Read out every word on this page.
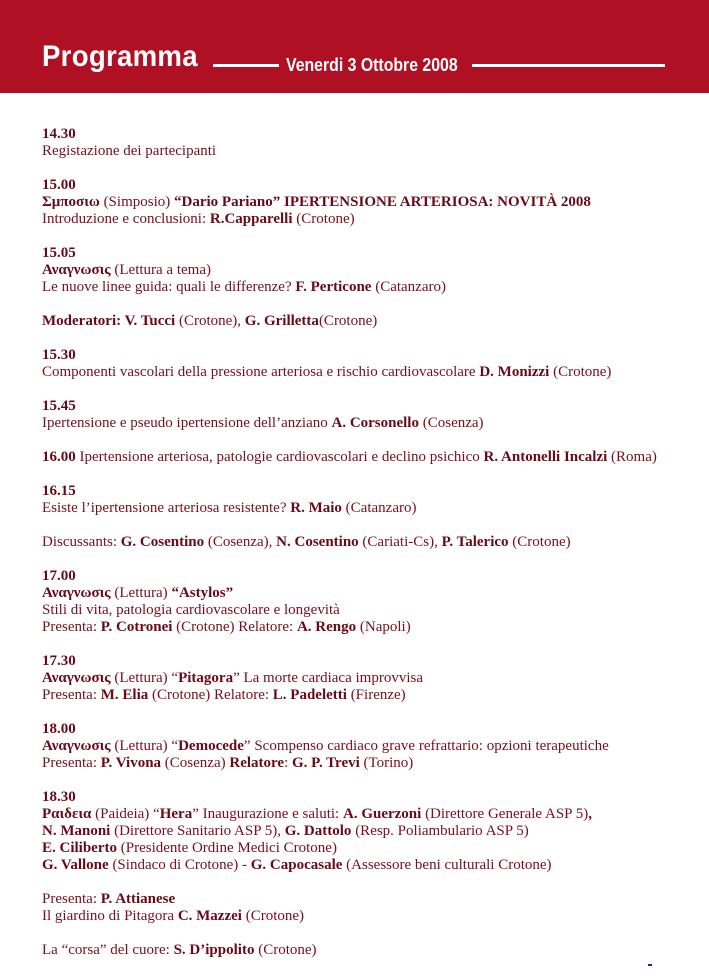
Programma	Venerdi 3 Ottobre 2008
14.30
Registazione dei partecipanti
15.00
Σμποσιω (Simposio) “Dario Pariano” IPERTENSIONE ARTERIOSA: NOVITÀ 2008
Introduzione e conclusioni: R.Capparelli (Crotone)
15.05
Αναγνωσις (Lettura a tema)
Le nuove linee guida: quali le differenze? F. Perticone (Catanzaro)
Moderatori: V. Tucci (Crotone), G. Grilletta(Crotone)
15.30
Componenti vascolari della pressione arteriosa e rischio cardiovascolare D. Monizzi (Crotone)
15.45
Ipertensione e pseudo ipertensione dell’anziano A. Corsonello (Cosenza)
16.00 Ipertensione arteriosa, patologie cardiovascolari e declino psichico R. Antonelli Incalzi (Roma)
16.15
Esiste l’ipertensione arteriosa resistente? R. Maio (Catanzaro)
Discussants: G. Cosentino (Cosenza), N. Cosentino (Cariati-Cs), P. Talerico (Crotone)
17.00
Αναγνωσις (Lettura) “Astylos”
Stili di vita, patologia cardiovascolare e longevità
Presenta: P. Cotronei (Crotone) Relatore: A. Rengo (Napoli)
17.30
Αναγνωσις (Lettura) “Pitagora” La morte cardiaca improvvisa
Presenta: M. Elia (Crotone) Relatore: L. Padeletti (Firenze)
18.00
Αναγνωσις (Lettura) “Democede” Scompenso cardiaco grave refrattario: opzioni terapeutiche
Presenta: P. Vivona (Cosenza) Relatore: G. P. Trevi (Torino)
18.30
Ραιδεια (Paideia) “Hera” Inaugurazione e saluti: A. Guerzoni (Direttore Generale ASP 5),
N. Manoni (Direttore Sanitario ASP 5), G. Dattolo (Resp. Poliambulario ASP 5)
E. Ciliberto (Presidente Ordine Medici Crotone)
G. Vallone (Sindaco di Crotone) - G. Capocasale (Assessore beni culturali Crotone)
Presenta: P. Attianese
Il giardino di Pitagora C. Mazzei (Crotone)
La “corsa” del cuore: S. D’ippolito (Crotone)
